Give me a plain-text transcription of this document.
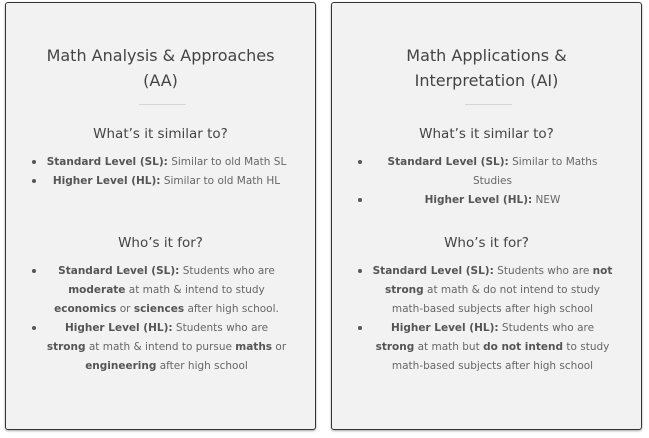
Math Analysis & Approaches
(AA)
What’s it similar to?
Standard Level (SL): Similar to old Math SL
Higher Level (HL): Similar to old Math HL
Who’s it for?
Standard Level (SL): Students who are moderate at math & intend to study economics or sciences after high school.
Higher Level (HL): Students who are strong at math & intend to pursue maths or engineering after high school
Math Applications &
Interpretation (AI)
What’s it similar to?
Standard Level (SL): Similar to Maths Studies
Higher Level (HL): NEW
Who’s it for?
Standard Level (SL): Students who are not strong at math & do not intend to study math-based subjects after high school
Higher Level (HL): Students who are strong at math but do not intend to study math-based subjects after high school
